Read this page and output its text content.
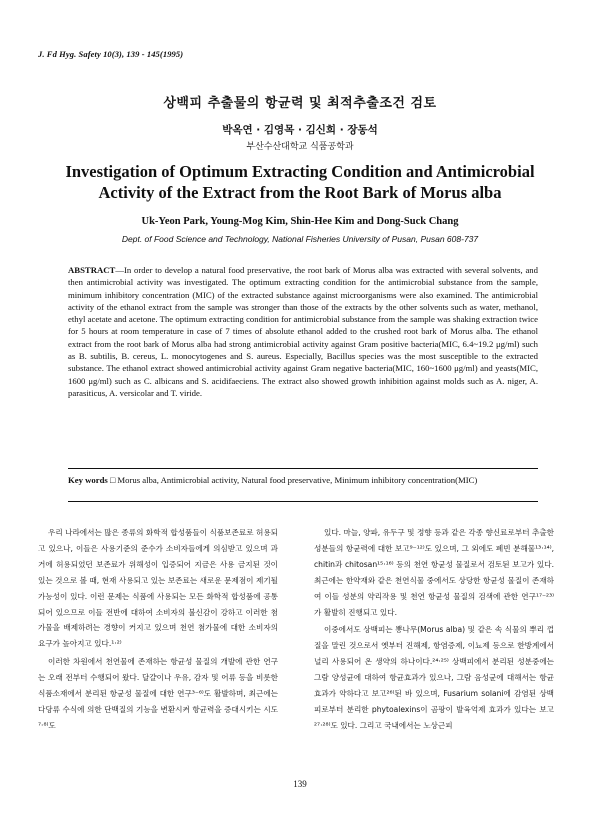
J. Fd Hyg. Safety 10(3), 139 - 145(1995)
상백피 추출물의 항균력 및 최적추출조건 검토
박옥연 · 김영목 · 김신희 · 장동석
부산수산대학교 식품공학과
Investigation of Optimum Extracting Condition and Antimicrobial
Activity of the Extract from the Root Bark of Morus alba
Uk-Yeon Park, Young-Mog Kim, Shin-Hee Kim and Dong-Suck Chang
Dept. of Food Science and Technology, National Fisheries University of Pusan, Pusan 608-737
ABSTRACT—In order to develop a natural food preservative, the root bark of Morus alba was extracted with several solvents, and then antimicrobial activity was investigated. The optimum extracting condition for the antimicrobial substance from the sample, minimum inhibitory concentration (MIC) of the extracted substance against microorganisms were also examined. The antimicrobial activity of the ethanol extract from the sample was stronger than those of the extracts by the other solvents such as water, methanol, ethyl acetate and acetone. The optimum extracting condition for antimicrobial substance from the sample was shaking extraction twice for 5 hours at room temperature in case of 7 times of absolute ethanol added to the crushed root bark of Morus alba. The ethanol extract from the root bark of Morus alba had strong antimicrobial activity against Gram positive bacteria(MIC, 6.4~19.2 μg/ml) such as B. subtilis, B. cereus, L. monocytogenes and S. aureus. Especially, Bacillus species was the most susceptible to the extracted substance. The ethanol extract showed antimicrobial activity against Gram negative bacteria(MIC, 160~1600 μg/ml) and yeasts(MIC, 1600 μg/ml) such as C. albicans and S. acidifaeciens. The extract also showed growth inhibition against molds such as A. niger, A. parasiticus, A. versicolar and T. viride.
Key words □ Morus alba, Antimicrobial activity, Natural food preservative, Minimum inhibitory concentration(MIC)

우리 나라에서는 많은 종류의 화학적 합성품들이 식품보존료로 허용되고 있으나, 이들은 사용기준의 준수가 소비자들에게 의심받고 있으며 과거에 허용되었던 보존료가 위해성이 입증되어 지금은 사용 금지된 것이 있는 것으로 볼 때, 현재 사용되고 있는 보존료는 새로운 문제점이 제기될 가능성이 있다. 이런 문제는 식품에 사용되는 모든 화학적 합성품에 공통되어 있으므로 이들 전반에 대하여 소비자의 불신감이 강하고 이러한 첨가물을 배제하려는 경향이 커지고 있으며 천연 첨가물에 대한 소비자의 요구가 높아지고 있다.¹·²⁾

이러한 차원에서 천연물에 존재하는 항균성 물질의 개발에 관한 연구는 오래 전부터 수행되어 왔다. 달걀이나 우유, 감자 및 어류 등을 비롯한 식품소재에서 분리된 항균성 물질에 대한 연구³⁻⁶⁾도 활발하며, 최근에는 다당류 수식에 의한 단백질의 기능을 변환시켜 항균력을 증대시키는 시도⁷·⁸⁾도

있다. 마늘, 양파, 유두구 및 정향 등과 같은 각종 향신료로부터 추출한 성분들의 항균력에 대한 보고⁹⁻¹²⁾도 있으며, 그 외에도 폐빈 분해물¹³·¹⁴⁾, chitin과 chitosan¹⁵·¹⁶⁾ 등의 천연 항균성 물질로서 검토된 보고가 있다. 최근에는 한약재와 같은 천연식물 중에서도 상당한 항균성 물질이 존재하여 이들 성분의 약리작용 및 천연 항균성 물질의 검색에 관한 연구¹⁷⁻²³⁾가 활발히 진행되고 있다.

이중에서도 상백피는 뽕나무(Morus alba) 및 같은 속 식물의 뿌리 껍질을 말린 것으로서 옛부터 진해제, 항염증제, 이뇨제 등으로 한방계에서 널리 사용되어 온 생약의 하나이다.²⁴·²⁵⁾ 상백피에서 분리된 성분중에는 그람 양성균에 대하여 항균효과가 있으나, 그람 음성균에 대해서는 항균효과가 약하다고 보고²⁶⁾된 바 있으며, Fusarium solani에 감염된 상백피로부터 분리한 phytoalexins이 곰팡이 발육억제 효과가 있다는 보고²⁷·²⁸⁾도 있다. 그리고 국내에서는 노상근피

139
